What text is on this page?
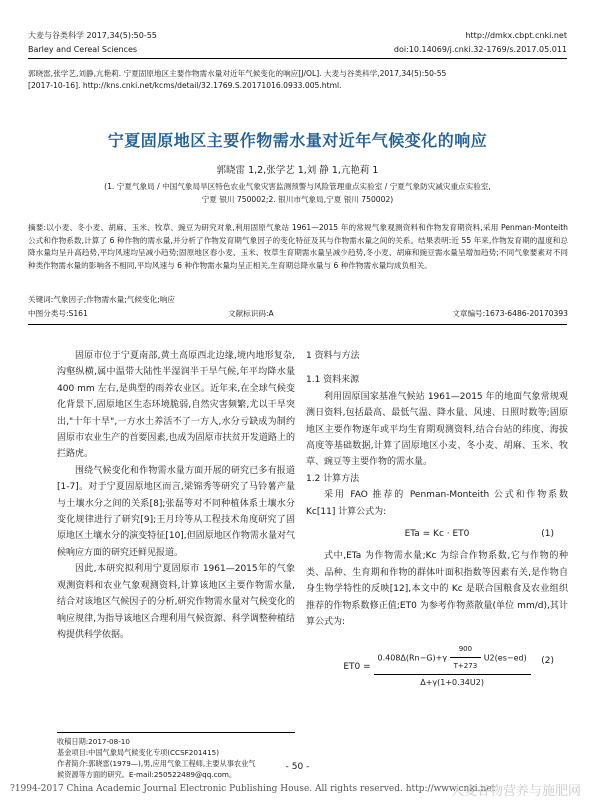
大麦与谷类科学 2017,34(5):50-55	http://dmkx.cbpt.cnki.net
Barley and Cereal Sciences	doi:10.14069/j.cnki.32-1769/s.2017.05.011
郭晓雷,张学艺,刘静,亢艳莉. 宁夏固原地区主要作物需水量对近年气候变化的响应[J/OL]. 大麦与谷类科学,2017,34(5):50-55
[2017-10-16]. http://kns.cnki.net/kcms/detail/32.1769.S.20171016.0933.005.html.
宁夏固原地区主要作物需水量对近年气候变化的响应
郭晓雷 1,2,张学艺 1,刘 静 1,亢艳莉 1
(1. 宁夏气象局 / 中国气象局旱区特色农业气象灾害监测预警与风险管理重点实验室 / 宁夏气象防灾减灾重点实验室,
宁夏 银川 750002;2. 银川市气象局,宁夏 银川 750002)
摘要:以小麦、冬小麦、胡麻、玉米、牧草、豌豆为研究对象,利用固原气象站 1961—2015 年的常规气象观测资料和作物发育期资料,采用 Penman-Monteith 公式和作物系数,计算了 6 种作物的需水量,并分析了作物发育期气象因子的变化特征及其与作物需水量之间的关系。结果表明:近 55 年来,作物发育期的温度和总降水量均呈升高趋势,平均风速均呈减小趋势;固原地区春小麦、玉米、牧草生育期需水量呈减少趋势,冬小麦、胡麻和豌豆需水量呈增加趋势;不同气象要素对不同种类作物需水量的影响各不相同,平均风速与 6 种作物需水量均呈正相关,生育期总降水量与 6 种作物需水量均成负相关。
关键词:气象因子;作物需水量;气候变化;响应
中图分类号:S161	文献标识码:A	文章编号:1673-6486-20170393

固原市位于宁夏南部,黄土高原西北边缘,境内地形复杂,沟壑纵横,属中温带大陆性半湿润半干旱气候,年平均降水量 400 mm 左右,是典型的雨养农业区。近年来,在全球气候变化背景下,固原地区生态环境脆弱,自然灾害频繁,尤以干旱突出,"十年十旱",一方水土养活不了一方人,水分亏缺成为制约固原市农业生产的首要因素,也成为固原市扶贫开发道路上的拦路虎。

围绕气候变化和作物需水量方面开展的研究已多有报道[1-7]。对于宁夏固原地区而言,梁锦秀等研究了马铃薯产量与土壤水分之间的关系[8];张磊等对不同种植体系土壤水分变化规律进行了研究[9];王月玲等从工程技术角度研究了固原地区土壤水分的演变特征[10],但固原地区作物需水量对气候响应方面的研究还鲜见报道。

因此,本研究拟利用宁夏固原市 1961—2015年的气象观测资料和农业气象观测资料,计算该地区主要作物需水量,结合对该地区气候因子的分析,研究作物需水量对气候变化的响应规律,为指导该地区合理利用气候资源、科学调整种植结构提供科学依据。

收稿日期:2017-08-10
基金项目:中国气象局气候变化专项(CCSF201415)
作者简介:郭晓雷(1979—),男,应用气象工程师,主要从事农业气
候资源等方面的研究。E-mail:250522489@qq.com。
1 资料与方法
1.1 资料来源

利用固原国家基准气候站 1961—2015 年的地面气象常规观测日资料,包括最高、最低气温、降水量、风速、日照时数等;固原地区主要作物逐年或平均生育期观测资料,结合台站的纬度、海拔高度等基础数据,计算了固原地区小麦、冬小麦、胡麻、玉米、牧草、豌豆等主要作物的需水量。

1.2 计算方法

采用 FAO 推荐的 Penman-Monteith 公式和作物系数 Kc[11] 计算公式为:

ETa = Kc · ET0	(1)

式中,ETa 为作物需水量;Kc 为综合作物系数,它与作物的种类、品种、生育期和作物的群体叶面积指数等因素有关,是作物自身生物学特性的反映[12],本文中的 Kc 是联合国粮食及农业组织推荐的作物系数修正值;ET0 为参考作物蒸散量(单位 mm/d),其计算公式为:

ET0 =
$0.408\Delta(Rn-G)+\gamma \frac{900}{T+273} U2(es-ed)$
Δ+γ(1+0.34U2)
(2)
- 50 -
?1994-2017 China Academic Journal Electronic Publishing House. All rights reserved. http://www.cnki.net
大麦谷物营养与施肥网
